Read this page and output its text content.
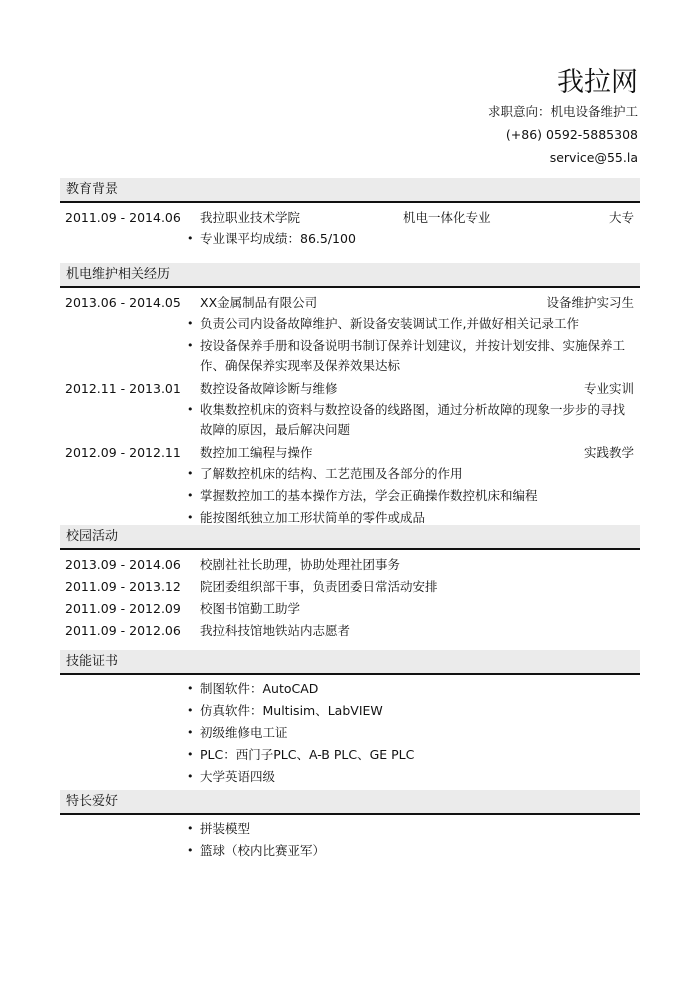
我拉网
求职意向：机电设备维护工
(+86) 0592-5885308
service@55.la
教育背景
2011.09 - 2014.06 我拉职业技术学院	机电一体化专业	大专
• 专业课平均成绩：86.5/100
机电维护相关经历
2013.06 - 2014.05 XX金属制品有限公司	设备维护实习生
• 负责公司内设备故障维护、新设备安装调试工作,并做好相关记录工作
• 按设备保养手册和设备说明书制订保养计划建议，并按计划安排、实施保养工作、确保保养实现率及保养效果达标
2012.11 - 2013.01 数控设备故障诊断与维修	专业实训
• 收集数控机床的资料与数控设备的线路图，通过分析故障的现象一步步的寻找故障的原因，最后解决问题
2012.09 - 2012.11 数控加工编程与操作	实践教学
• 了解数控机床的结构、工艺范围及各部分的作用
• 掌握数控加工的基本操作方法，学会正确操作数控机床和编程
• 能按图纸独立加工形状简单的零件或成品
校园活动
2013.09 - 2014.06 校剧社社长助理，协助处理社团事务
2011.09 - 2013.12 院团委组织部干事，负责团委日常活动安排
2011.09 - 2012.09 校图书馆勤工助学
2011.09 - 2012.06 我拉科技馆地铁站内志愿者
技能证书
• 制图软件：AutoCAD
• 仿真软件：Multisim、LabVIEW
• 初级维修电工证
• PLC：西门子PLC、A-B PLC、GE PLC
• 大学英语四级
特长爱好
• 拼装模型
• 篮球（校内比赛亚军）
